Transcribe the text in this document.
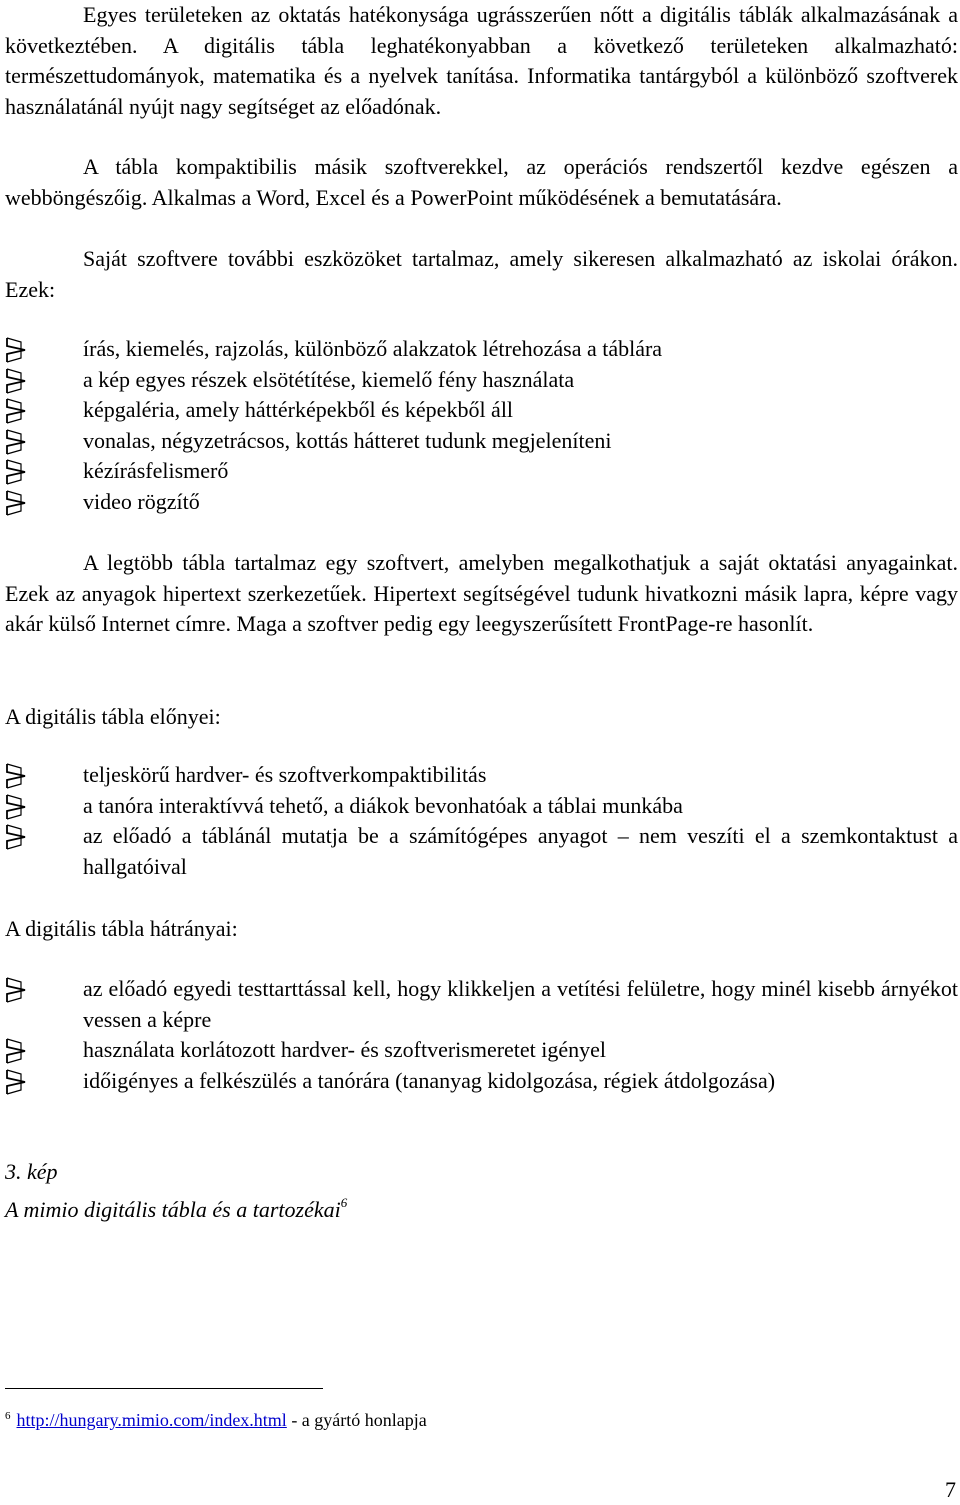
Egyes területeken az oktatás hatékonysága ugrásszerűen nőtt a digitális táblák alkalmazásának a következtében. A digitális tábla leghatékonyabban a következő területeken alkalmazható: természettudományok, matematika és a nyelvek tanítása. Informatika tantárgyból a különböző szoftverek használatánál nyújt nagy segítséget az előadónak.
A tábla kompaktibilis másik szoftverekkel, az operációs rendszertől kezdve egészen a webböngészőig. Alkalmas a Word, Excel és a PowerPoint működésének a bemutatására.
Saját szoftvere további eszközöket tartalmaz, amely sikeresen alkalmazható az iskolai órákon. Ezek:
írás, kiemelés, rajzolás, különböző alakzatok létrehozása a táblára
a kép egyes részek elsötétítése, kiemelő fény használata
képgaléria, amely háttérképekből és képekből áll
vonalas, négyzetrácsos, kottás hátteret tudunk megjeleníteni
kézírásfelismerő
video rögzítő
A legtöbb tábla tartalmaz egy szoftvert, amelyben megalkothatjuk a saját oktatási anyagainkat. Ezek az anyagok hipertext szerkezetűek. Hipertext segítségével tudunk hivatkozni másik lapra, képre vagy akár külső Internet címre. Maga a szoftver pedig egy leegyszerűsített FrontPage-re hasonlít.
A digitális tábla előnyei:
teljeskörű hardver- és szoftverkompaktibilitás
a tanóra interaktívvá tehető, a diákok bevonhatóak a táblai munkába
az előadó a táblánál mutatja be a számítógépes anyagot – nem veszíti el a szemkontaktust a hallgatóival
A digitális tábla hátrányai:
az előadó egyedi testtarttással kell, hogy klikkeljen a vetítési felületre, hogy minél kisebb árnyékot vessen a képre
használata korlátozott hardver- és szoftverismeretet igényel
időigényes a felkészülés a tanórára (tananyag kidolgozása, régiek átdolgozása)
3. kép
A mimio digitális tábla és a tartozékai$^6$
$^6$ http://hungary.mimio.com/index.html - a gyártó honlapja
7
